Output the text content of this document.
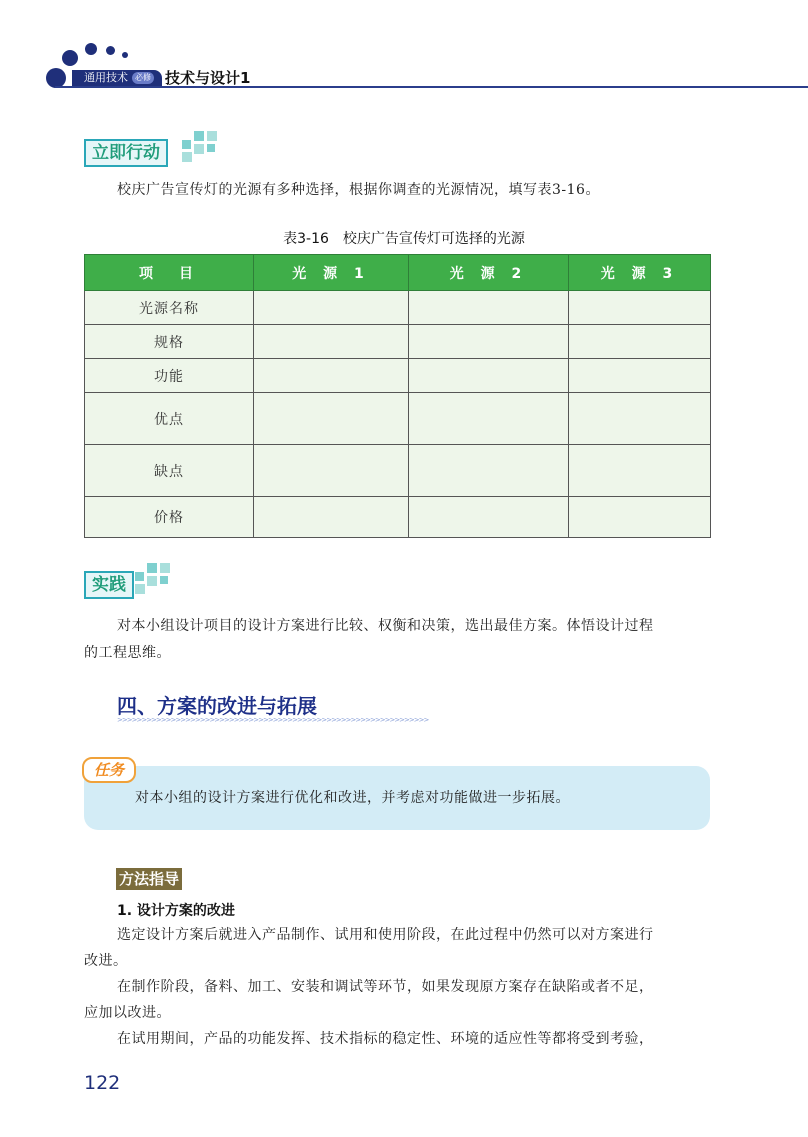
通用技术 必修 技术与设计1
立即行动
校庆广告宣传灯的光源有多种选择，根据你调查的光源情况，填写表3-16。
表3-16　校庆广告宣传灯可选择的光源
项　目	光 源 1	光 源 2	光 源 3
光源名称			
规格			
功能			
优点			
缺点			
价格			
实践
对本小组设计项目的设计方案进行比较、权衡和决策，选出最佳方案。体悟设计过程
的工程思维。
四、方案的改进与拓展
>>>>>>>>>>>>>>>>>>>>>>>>>>>>>>>>>>>>>>>>>>>>>>>>>>>>>>>>>>>>>>>>
任务
对本小组的设计方案进行优化和改进，并考虑对功能做进一步拓展。
方法指导
1. 设计方案的改进
选定设计方案后就进入产品制作、试用和使用阶段，在此过程中仍然可以对方案进行
改进。
在制作阶段，备料、加工、安装和调试等环节，如果发现原方案存在缺陷或者不足，
应加以改进。
在试用期间，产品的功能发挥、技术指标的稳定性、环境的适应性等都将受到考验，
122
